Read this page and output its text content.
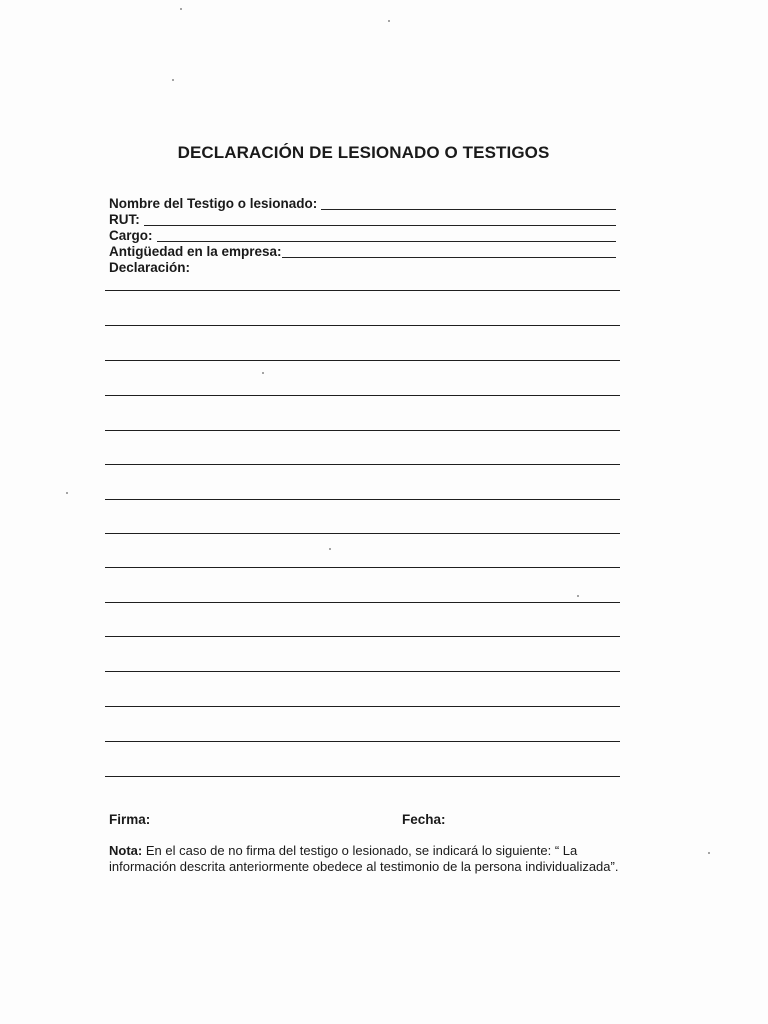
DECLARACIÓN DE LESIONADO O TESTIGOS
Nombre del Testigo o lesionado:
RUT:
Cargo:
Antigüedad en la empresa:
Declaración:
Firma:	Fecha:
Nota: En el caso de no firma del testigo o lesionado, se indicará lo siguiente: “ La información descrita anteriormente obedece al testimonio de la persona individualizada”.
